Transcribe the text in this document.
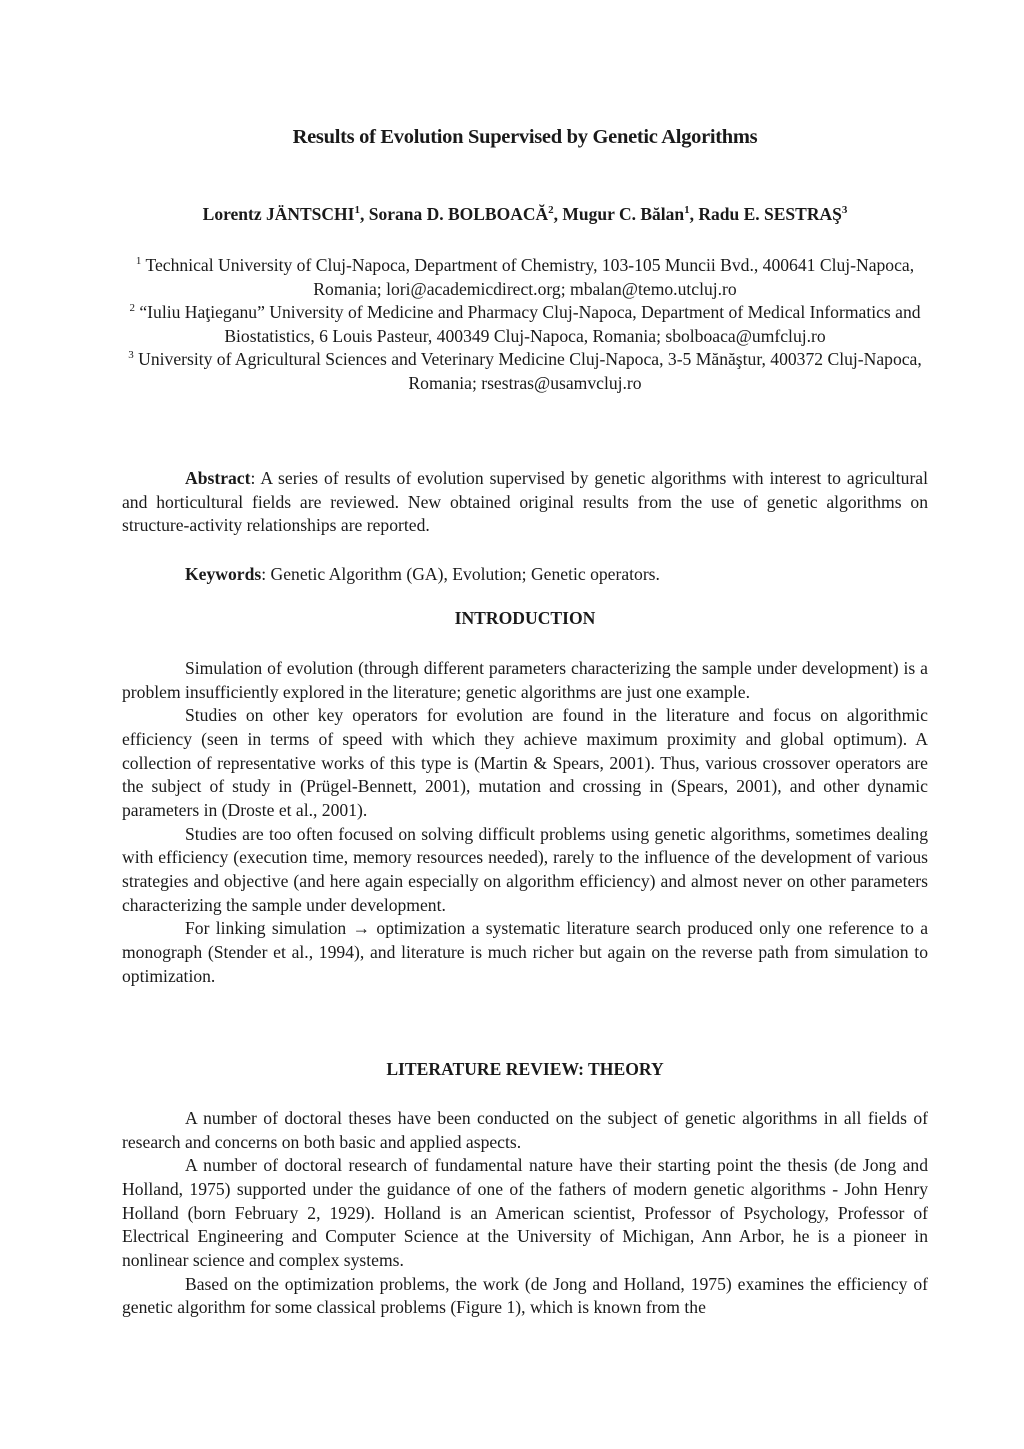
Results of Evolution Supervised by Genetic Algorithms

Lorentz JÄNTSCHI$^1$, Sorana D. BOLBOACĂ$^2$, Mugur C. Bălan$^1$, Radu E. SESTRAŞ$^3$

$^1$ Technical University of Cluj-Napoca, Department of Chemistry, 103-105 Muncii Bvd., 400641 Cluj-Napoca, Romania; lori@academicdirect.org; mbalan@temo.utcluj.ro

$^2$ “Iuliu Haţieganu” University of Medicine and Pharmacy Cluj-Napoca, Department of Medical Informatics and Biostatistics, 6 Louis Pasteur, 400349 Cluj-Napoca, Romania; sbolboaca@umfcluj.ro

$^3$ University of Agricultural Sciences and Veterinary Medicine Cluj-Napoca, 3-5 Mănăştur, 400372 Cluj-Napoca, Romania; rsestras@usamvcluj.ro

Abstract: A series of results of evolution supervised by genetic algorithms with interest to agricultural and horticultural fields are reviewed. New obtained original results from the use of genetic algorithms on structure-activity relationships are reported.

Keywords: Genetic Algorithm (GA), Evolution; Genetic operators.

INTRODUCTION

Simulation of evolution (through different parameters characterizing the sample under development) is a problem insufficiently explored in the literature; genetic algorithms are just one example.

Studies on other key operators for evolution are found in the literature and focus on algorithmic efficiency (seen in terms of speed with which they achieve maximum proximity and global optimum). A collection of representative works of this type is (Martin & Spears, 2001). Thus, various crossover operators are the subject of study in (Prügel-Bennett, 2001), mutation and crossing in (Spears, 2001), and other dynamic parameters in (Droste et al., 2001).

Studies are too often focused on solving difficult problems using genetic algorithms, sometimes dealing with efficiency (execution time, memory resources needed), rarely to the influence of the development of various strategies and objective (and here again especially on algorithm efficiency) and almost never on other parameters characterizing the sample under development.

For linking simulation → optimization a systematic literature search produced only one reference to a monograph (Stender et al., 1994), and literature is much richer but again on the reverse path from simulation to optimization.

LITERATURE REVIEW: THEORY

A number of doctoral theses have been conducted on the subject of genetic algorithms in all fields of research and concerns on both basic and applied aspects.

A number of doctoral research of fundamental nature have their starting point the thesis (de Jong and Holland, 1975) supported under the guidance of one of the fathers of modern genetic algorithms - John Henry Holland (born February 2, 1929). Holland is an American scientist, Professor of Psychology, Professor of Electrical Engineering and Computer Science at the University of Michigan, Ann Arbor, he is a pioneer in nonlinear science and complex systems.

Based on the optimization problems, the work (de Jong and Holland, 1975) examines the efficiency of genetic algorithm for some classical problems (Figure 1), which is known from the
